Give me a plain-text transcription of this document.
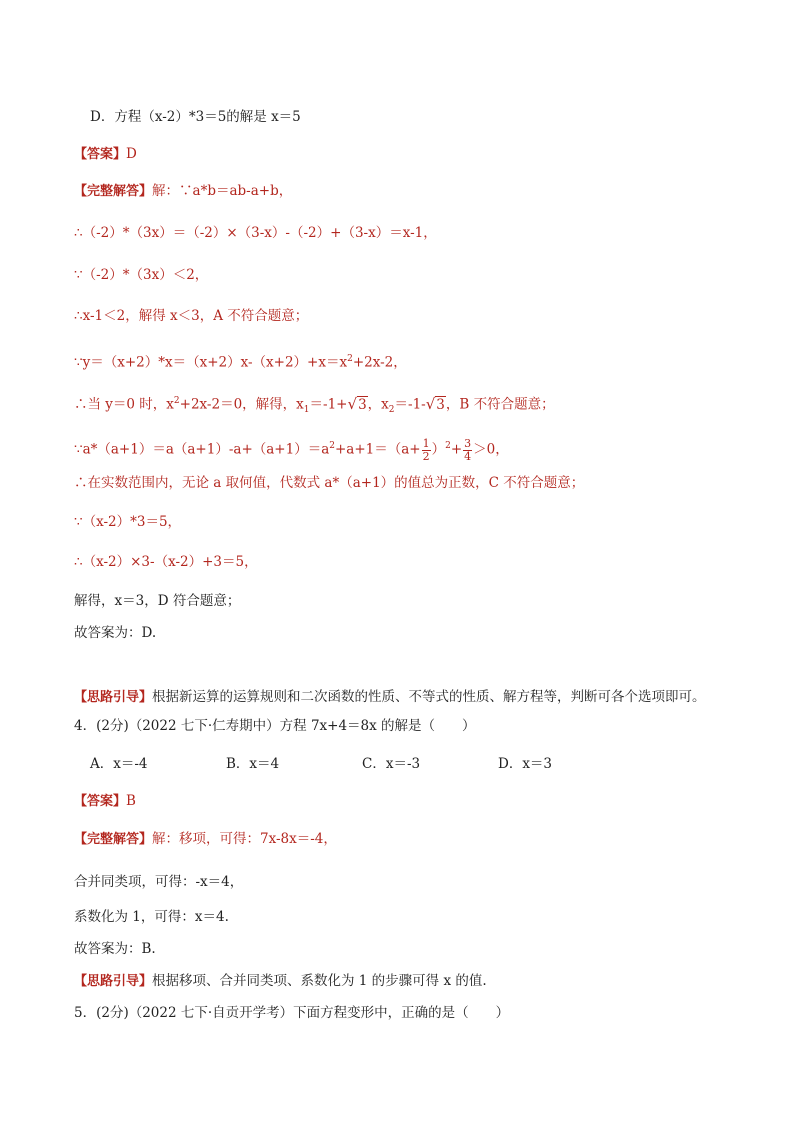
D．方程（x-2）*3＝5的解是 x＝5
【答案】D
【完整解答】解：∵a*b＝ab-a+b，
∴（-2）*（3x）＝（-2）×（3-x）-（-2）+（3-x）＝x-1，
∵（-2）*（3x）＜2，
∴x-1＜2，解得 x＜3，A 不符合题意；
$\because y=(x+2)*x=(x+2)x-(x+2)+x=x^2+2x-2$，
∴当 y＝0 时，$x^2+2x-2=0$，解得，$x_1=-1+√3$，$x_2=-1-√3$，B 不符合题意；
$\because a*(a+1)=a(a+1)-a+(a+1)=a^2+a+1=(a+ \frac{1}{2} )^2+ \frac{3}{4} >0$，
∴在实数范围内，无论 a 取何值，代数式 a*（a+1）的值总为正数，C 不符合题意；
∵（x-2）*3＝5，
∴（x-2）×3-（x-2）+3＝5，
解得，x＝3，D 符合题意；
故答案为：D.
【思路引导】根据新运算的运算规则和二次函数的性质、不等式的性质、解方程等，判断可各个选项即可。
4．(2分)（2022 七下·仁寿期中）方程 7x+4＝8x 的解是（　　）
A．x＝-4	B．x＝4	C．x＝-3	D．x＝3
【答案】B
【完整解答】解：移项，可得：7x-8x＝-4，
合并同类项，可得：-x＝4，
系数化为 1，可得：x＝4.
故答案为：B.
【思路引导】根据移项、合并同类项、系数化为 1 的步骤可得 x 的值.
5．(2分)（2022 七下·自贡开学考）下面方程变形中，正确的是（　　）
